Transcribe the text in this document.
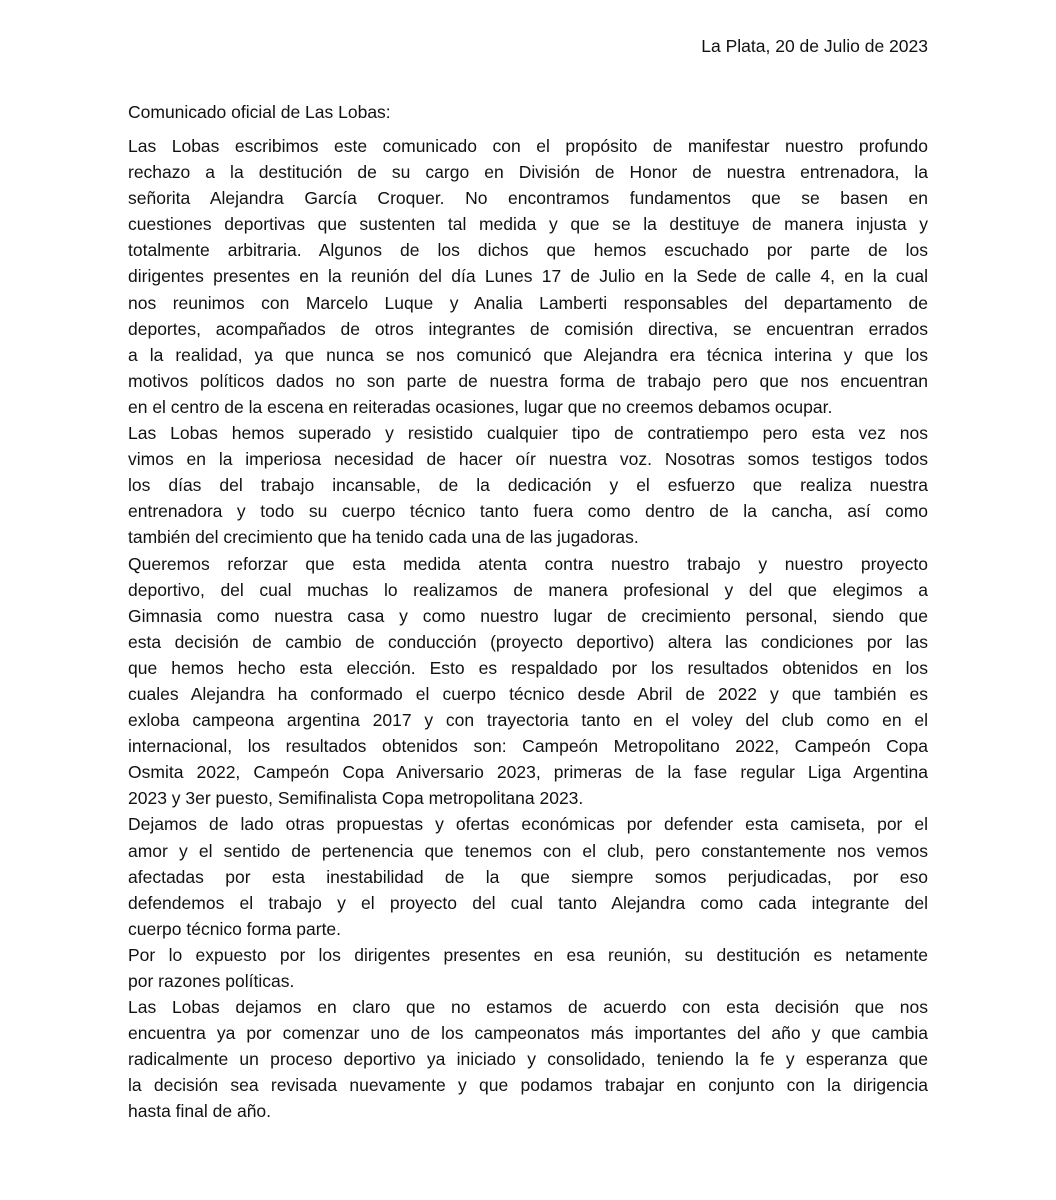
La Plata, 20 de Julio de 2023
Comunicado oficial de Las Lobas:
Las Lobas escribimos este comunicado con el propósito de manifestar nuestro profundo
rechazo a la destitución de su cargo en División de Honor de nuestra entrenadora, la
señorita Alejandra García Croquer. No encontramos fundamentos que se basen en
cuestiones deportivas que sustenten tal medida y que se la destituye de manera injusta y
totalmente arbitraria. Algunos de los dichos que hemos escuchado por parte de los
dirigentes presentes en la reunión del día Lunes 17 de Julio en la Sede de calle 4, en la cual
nos reunimos con Marcelo Luque y Analia Lamberti responsables del departamento de
deportes, acompañados de otros integrantes de comisión directiva, se encuentran errados
a la realidad, ya que nunca se nos comunicó que Alejandra era técnica interina y que los
motivos políticos dados no son parte de nuestra forma de trabajo pero que nos encuentran
en el centro de la escena en reiteradas ocasiones, lugar que no creemos debamos ocupar.
Las Lobas hemos superado y resistido cualquier tipo de contratiempo pero esta vez nos
vimos en la imperiosa necesidad de hacer oír nuestra voz. Nosotras somos testigos todos
los días del trabajo incansable, de la dedicación y el esfuerzo que realiza nuestra
entrenadora y todo su cuerpo técnico tanto fuera como dentro de la cancha, así como
también del crecimiento que ha tenido cada una de las jugadoras.
Queremos reforzar que esta medida atenta contra nuestro trabajo y nuestro proyecto
deportivo, del cual muchas lo realizamos de manera profesional y del que elegimos a
Gimnasia como nuestra casa y como nuestro lugar de crecimiento personal, siendo que
esta decisión de cambio de conducción (proyecto deportivo) altera las condiciones por las
que hemos hecho esta elección. Esto es respaldado por los resultados obtenidos en los
cuales Alejandra ha conformado el cuerpo técnico desde Abril de 2022 y que también es
exloba campeona argentina 2017 y con trayectoria tanto en el voley del club como en el
internacional, los resultados obtenidos son: Campeón Metropolitano 2022, Campeón Copa
Osmita 2022, Campeón Copa Aniversario 2023, primeras de la fase regular Liga Argentina
2023 y 3er puesto, Semifinalista Copa metropolitana 2023.
Dejamos de lado otras propuestas y ofertas económicas por defender esta camiseta, por el
amor y el sentido de pertenencia que tenemos con el club, pero constantemente nos vemos
afectadas por esta inestabilidad de la que siempre somos perjudicadas, por eso
defendemos el trabajo y el proyecto del cual tanto Alejandra como cada integrante del
cuerpo técnico forma parte.
Por lo expuesto por los dirigentes presentes en esa reunión, su destitución es netamente
por razones políticas.
Las Lobas dejamos en claro que no estamos de acuerdo con esta decisión que nos
encuentra ya por comenzar uno de los campeonatos más importantes del año y que cambia
radicalmente un proceso deportivo ya iniciado y consolidado, teniendo la fe y esperanza que
la decisión sea revisada nuevamente y que podamos trabajar en conjunto con la dirigencia
hasta final de año.
